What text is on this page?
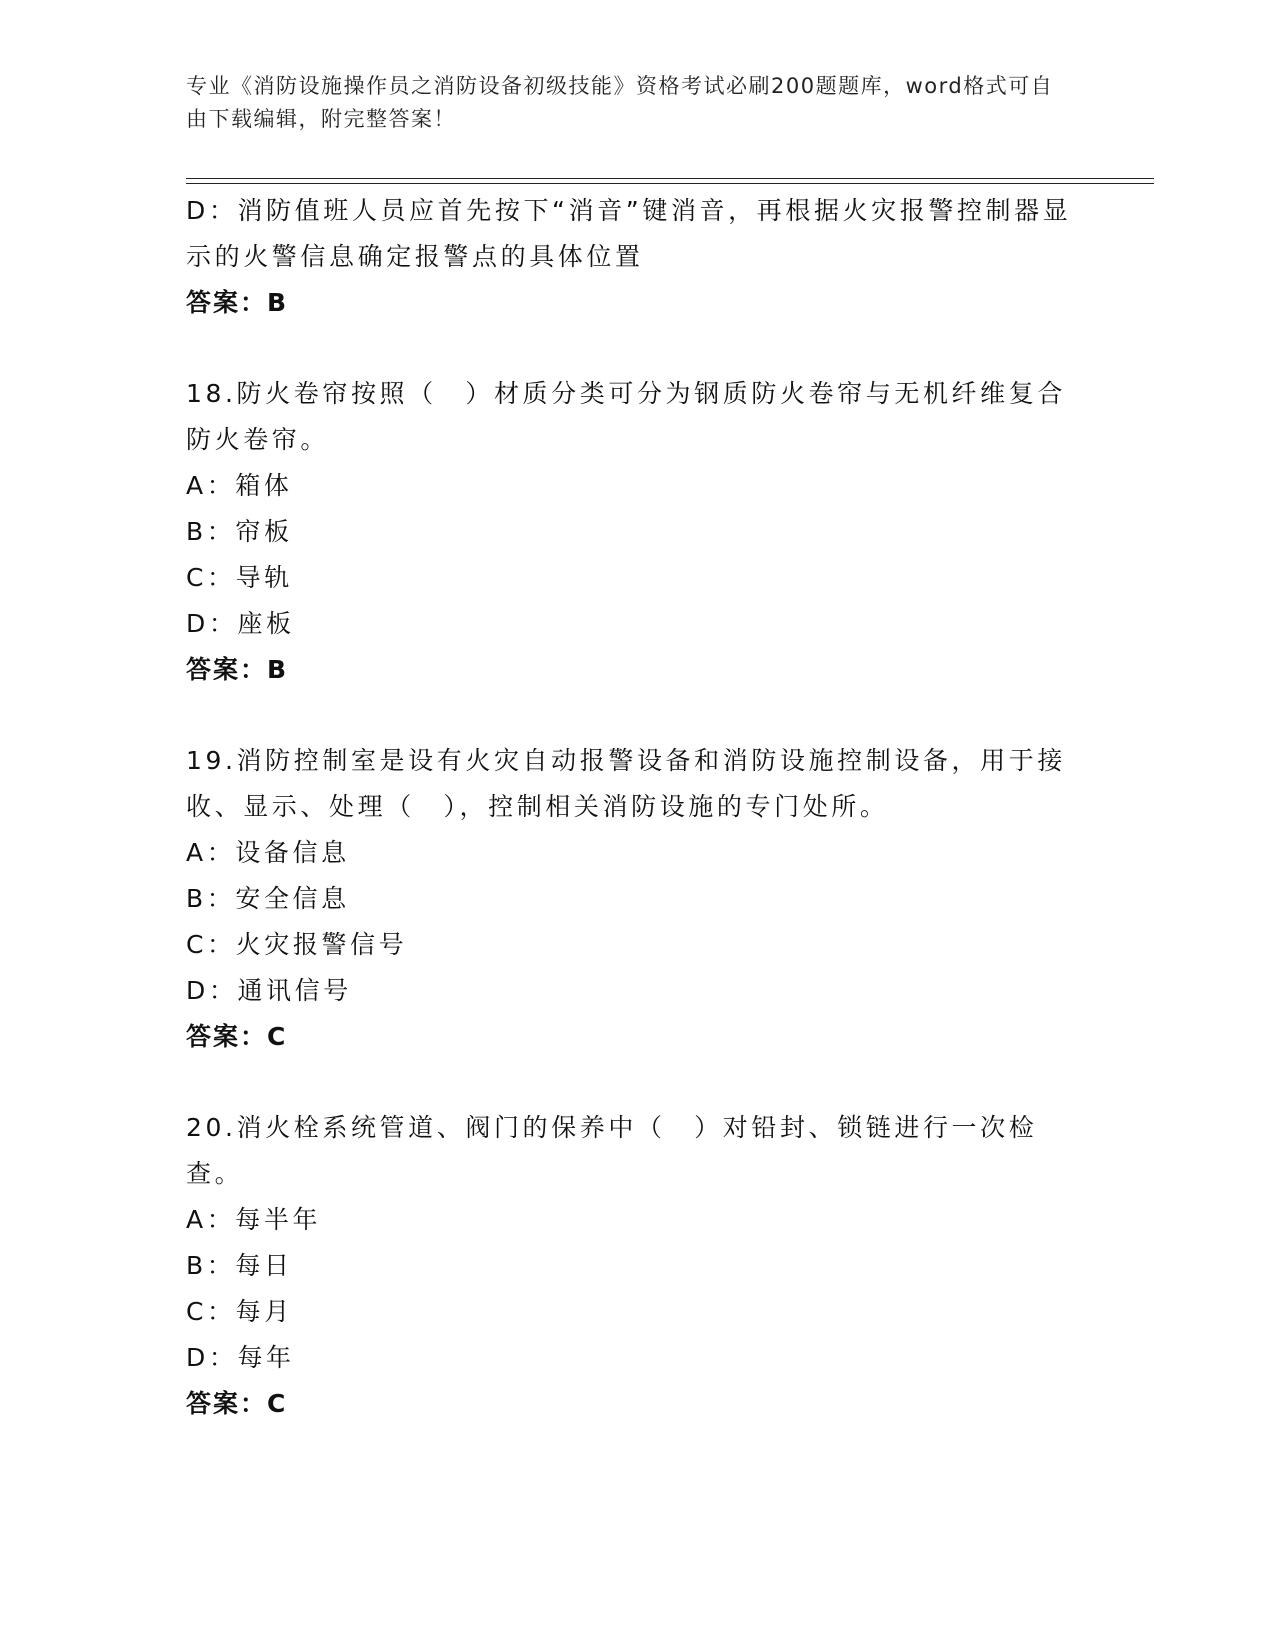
专业《消防设施操作员之消防设备初级技能》资格考试必刷200题题库，word格式可自由下载编辑，附完整答案！
D：消防值班人员应首先按下“消音”键消音，再根据火灾报警控制器显示的火警信息确定报警点的具体位置
答案：B
18.防火卷帘按照（　）材质分类可分为钢质防火卷帘与无机纤维复合防火卷帘。
A：箱体
B：帘板
C：导轨
D：座板
答案：B
19.消防控制室是设有火灾自动报警设备和消防设施控制设备，用于接收、显示、处理（　），控制相关消防设施的专门处所。
A：设备信息
B：安全信息
C：火灾报警信号
D：通讯信号
答案：C
20.消火栓系统管道、阀门的保养中（　）对铅封、锁链进行一次检查。
A：每半年
B：每日
C：每月
D：每年
答案：C
